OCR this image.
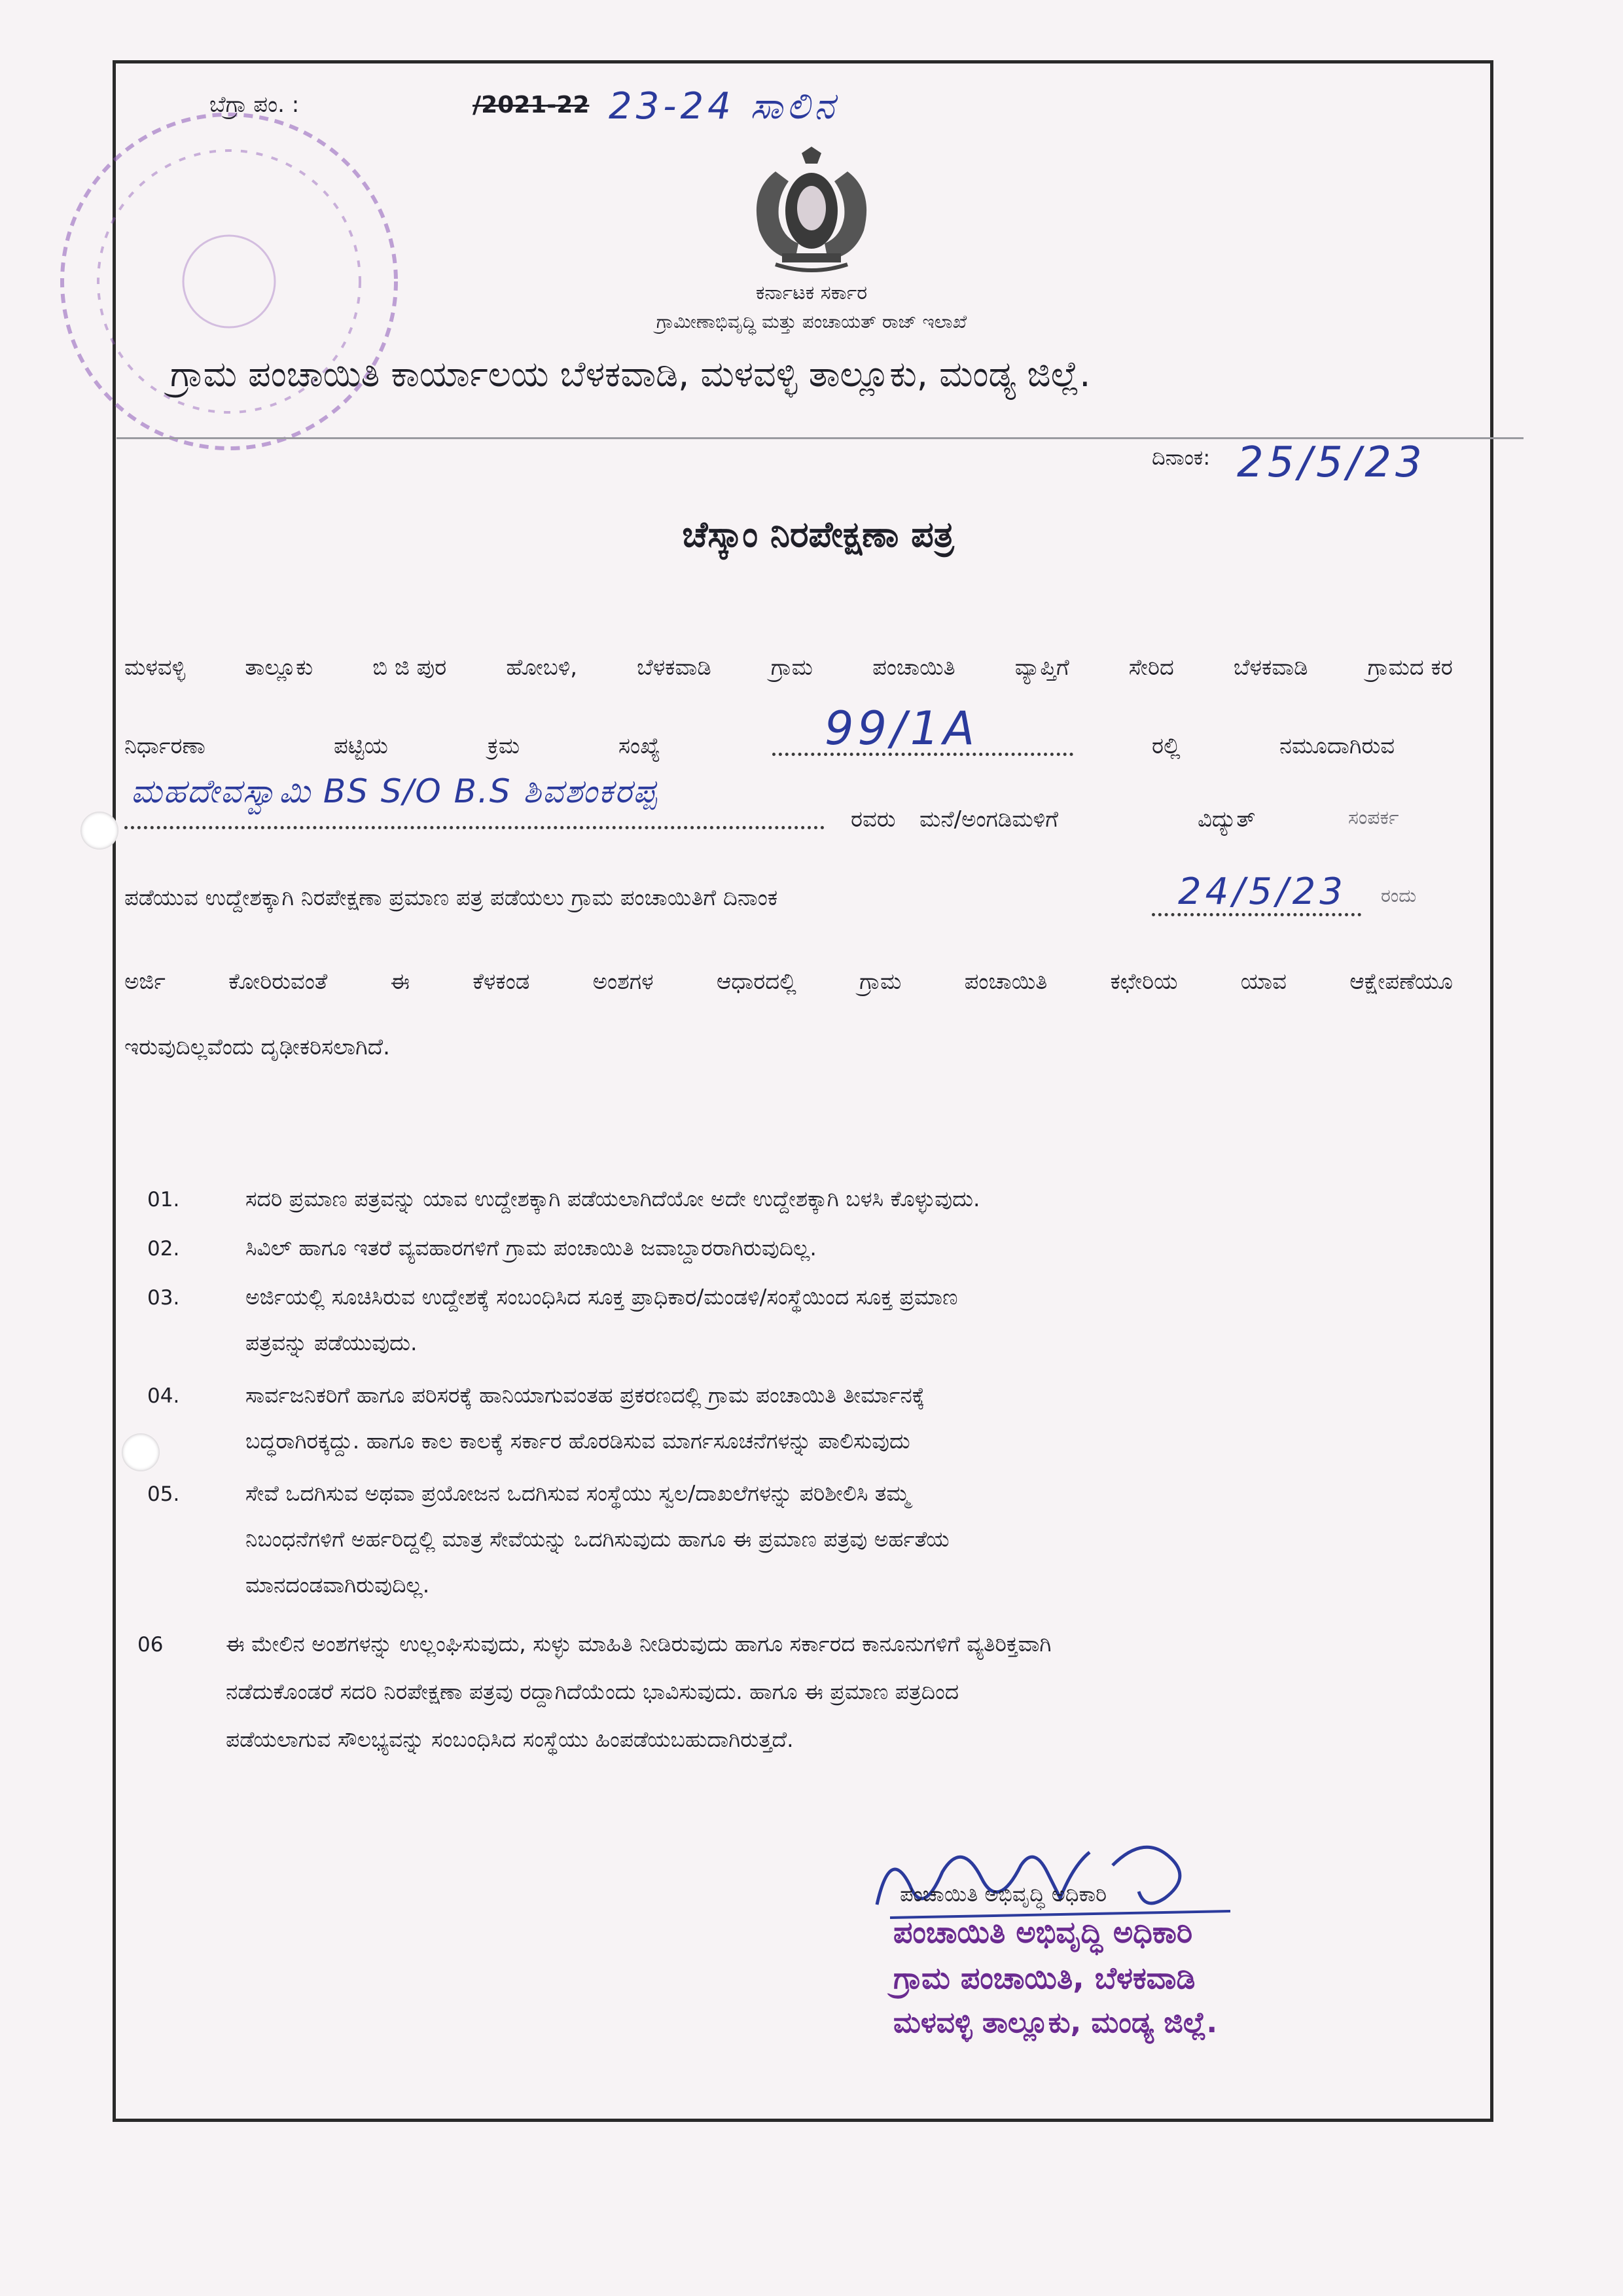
ಬೆಗ್ರಾ ಪಂ. :	/2021-22 23-24 ಸಾಲಿನ
ಕರ್ನಾಟಕ ಸರ್ಕಾರ
ಗ್ರಾಮೀಣಾಭಿವೃದ್ಧಿ ಮತ್ತು ಪಂಚಾಯತ್ ರಾಜ್ ಇಲಾಖೆ
ಗ್ರಾಮ ಪಂಚಾಯಿತಿ ಕಾರ್ಯಾಲಯ ಬೆಳಕವಾಡಿ, ಮಳವಳ್ಳಿ ತಾಲ್ಲೂಕು, ಮಂಡ್ಯ ಜಿಲ್ಲೆ.
ದಿನಾಂಕ: 25/5/23
ಚೆಸ್ಕಾಂ ನಿರಪೇಕ್ಷಣಾ ಪತ್ರ
ಮಳವಳ್ಳಿ	ತಾಲ್ಲೂಕು	ಬಿ ಜಿ ಪುರ	ಹೋಬಳಿ,	ಬೆಳಕವಾಡಿ	ಗ್ರಾಮ	ಪಂಚಾಯಿತಿ	ವ್ಯಾಪ್ತಿಗೆ	ಸೇರಿದ	ಬೆಳಕವಾಡಿ	ಗ್ರಾಮದ ಕರ
ನಿರ್ಧಾರಣಾ	ಪಟ್ಟಿಯ	ಕ್ರಮ	ಸಂಖ್ಯೆ	99/1A	ರಲ್ಲಿ	ನಮೂದಾಗಿರುವ
ಮಹದೇವಸ್ವಾಮಿ BS S/O B.S ಶಿವಶಂಕರಪ್ಪ
ರವರು ಮನೆ/ಅಂಗಡಿಮಳಿಗೆ	ವಿದ್ಯುತ್	ಸಂಪರ್ಕ
ಪಡೆಯುವ ಉದ್ದೇಶಕ್ಕಾಗಿ ನಿರಪೇಕ್ಷಣಾ ಪ್ರಮಾಣ ಪತ್ರ ಪಡೆಯಲು ಗ್ರಾಮ ಪಂಚಾಯಿತಿಗೆ ದಿನಾಂಕ	24/5/23 ರಂದು
ಅರ್ಜಿ	ಕೋರಿರುವಂತೆ	ಈ	ಕೆಳಕಂಡ	ಅಂಶಗಳ	ಆಧಾರದಲ್ಲಿ	ಗ್ರಾಮ	ಪಂಚಾಯಿತಿ	ಕಛೇರಿಯ	ಯಾವ	ಆಕ್ಷೇಪಣೆಯೂ
ಇರುವುದಿಲ್ಲವೆಂದು ದೃಢೀಕರಿಸಲಾಗಿದೆ.
01.	ಸದರಿ ಪ್ರಮಾಣ ಪತ್ರವನ್ನು ಯಾವ ಉದ್ದೇಶಕ್ಕಾಗಿ ಪಡೆಯಲಾಗಿದೆಯೋ ಅದೇ ಉದ್ದೇಶಕ್ಕಾಗಿ ಬಳಸಿ ಕೊಳ್ಳುವುದು.
02.	ಸಿವಿಲ್ ಹಾಗೂ ಇತರೆ ವ್ಯವಹಾರಗಳಿಗೆ ಗ್ರಾಮ ಪಂಚಾಯಿತಿ ಜವಾಬ್ದಾರರಾಗಿರುವುದಿಲ್ಲ.
03.	ಅರ್ಜಿಯಲ್ಲಿ ಸೂಚಿಸಿರುವ ಉದ್ದೇಶಕ್ಕೆ ಸಂಬಂಧಿಸಿದ ಸೂಕ್ತ ಪ್ರಾಧಿಕಾರ/ಮಂಡಳಿ/ಸಂಸ್ಥೆಯಿಂದ ಸೂಕ್ತ ಪ್ರಮಾಣ
ಪತ್ರವನ್ನು ಪಡೆಯುವುದು.
04.	ಸಾರ್ವಜನಿಕರಿಗೆ ಹಾಗೂ ಪರಿಸರಕ್ಕೆ ಹಾನಿಯಾಗುವಂತಹ ಪ್ರಕರಣದಲ್ಲಿ ಗ್ರಾಮ ಪಂಚಾಯಿತಿ ತೀರ್ಮಾನಕ್ಕೆ
ಬದ್ಧರಾಗಿರಕ್ಕದ್ದು. ಹಾಗೂ ಕಾಲ ಕಾಲಕ್ಕೆ ಸರ್ಕಾರ ಹೊರಡಿಸುವ ಮಾರ್ಗಸೂಚನೆಗಳನ್ನು ಪಾಲಿಸುವುದು
05.	ಸೇವೆ ಒದಗಿಸುವ ಅಥವಾ ಪ್ರಯೋಜನ ಒದಗಿಸುವ ಸಂಸ್ಥೆಯು ಸ್ವಲ/ದಾಖಲೆಗಳನ್ನು ಪರಿಶೀಲಿಸಿ ತಮ್ಮ
ನಿಬಂಧನೆಗಳಿಗೆ ಅರ್ಹರಿದ್ದಲ್ಲಿ ಮಾತ್ರ ಸೇವೆಯನ್ನು ಒದಗಿಸುವುದು ಹಾಗೂ ಈ ಪ್ರಮಾಣ ಪತ್ರವು ಅರ್ಹತೆಯ
ಮಾನದಂಡವಾಗಿರುವುದಿಲ್ಲ.
06	ಈ ಮೇಲಿನ ಅಂಶಗಳನ್ನು ಉಲ್ಲಂಘಿಸುವುದು, ಸುಳ್ಳು ಮಾಹಿತಿ ನೀಡಿರುವುದು ಹಾಗೂ ಸರ್ಕಾರದ ಕಾನೂನುಗಳಿಗೆ ವ್ಯತಿರಿಕ್ತವಾಗಿ
ನಡೆದುಕೊಂಡರೆ ಸದರಿ ನಿರಪೇಕ್ಷಣಾ ಪತ್ರವು ರದ್ದಾಗಿದೆಯೆಂದು ಭಾವಿಸುವುದು. ಹಾಗೂ ಈ ಪ್ರಮಾಣ ಪತ್ರದಿಂದ
ಪಡೆಯಲಾಗುವ ಸೌಲಭ್ಯವನ್ನು ಸಂಬಂಧಿಸಿದ ಸಂಸ್ಥೆಯು ಹಿಂಪಡೆಯಬಹುದಾಗಿರುತ್ತದೆ.
ಪಂಚಾಯಿತಿ ಅಭಿವೃದ್ಧಿ ಅಧಿಕಾರಿ
ಪಂಚಾಯಿತಿ ಅಭಿವೃದ್ಧಿ ಅಧಿಕಾರಿ
ಗ್ರಾಮ ಪಂಚಾಯಿತಿ, ಬೆಳಕವಾಡಿ
ಮಳವಳ್ಳಿ ತಾಲ್ಲೂಕು, ಮಂಡ್ಯ ಜಿಲ್ಲೆ.
